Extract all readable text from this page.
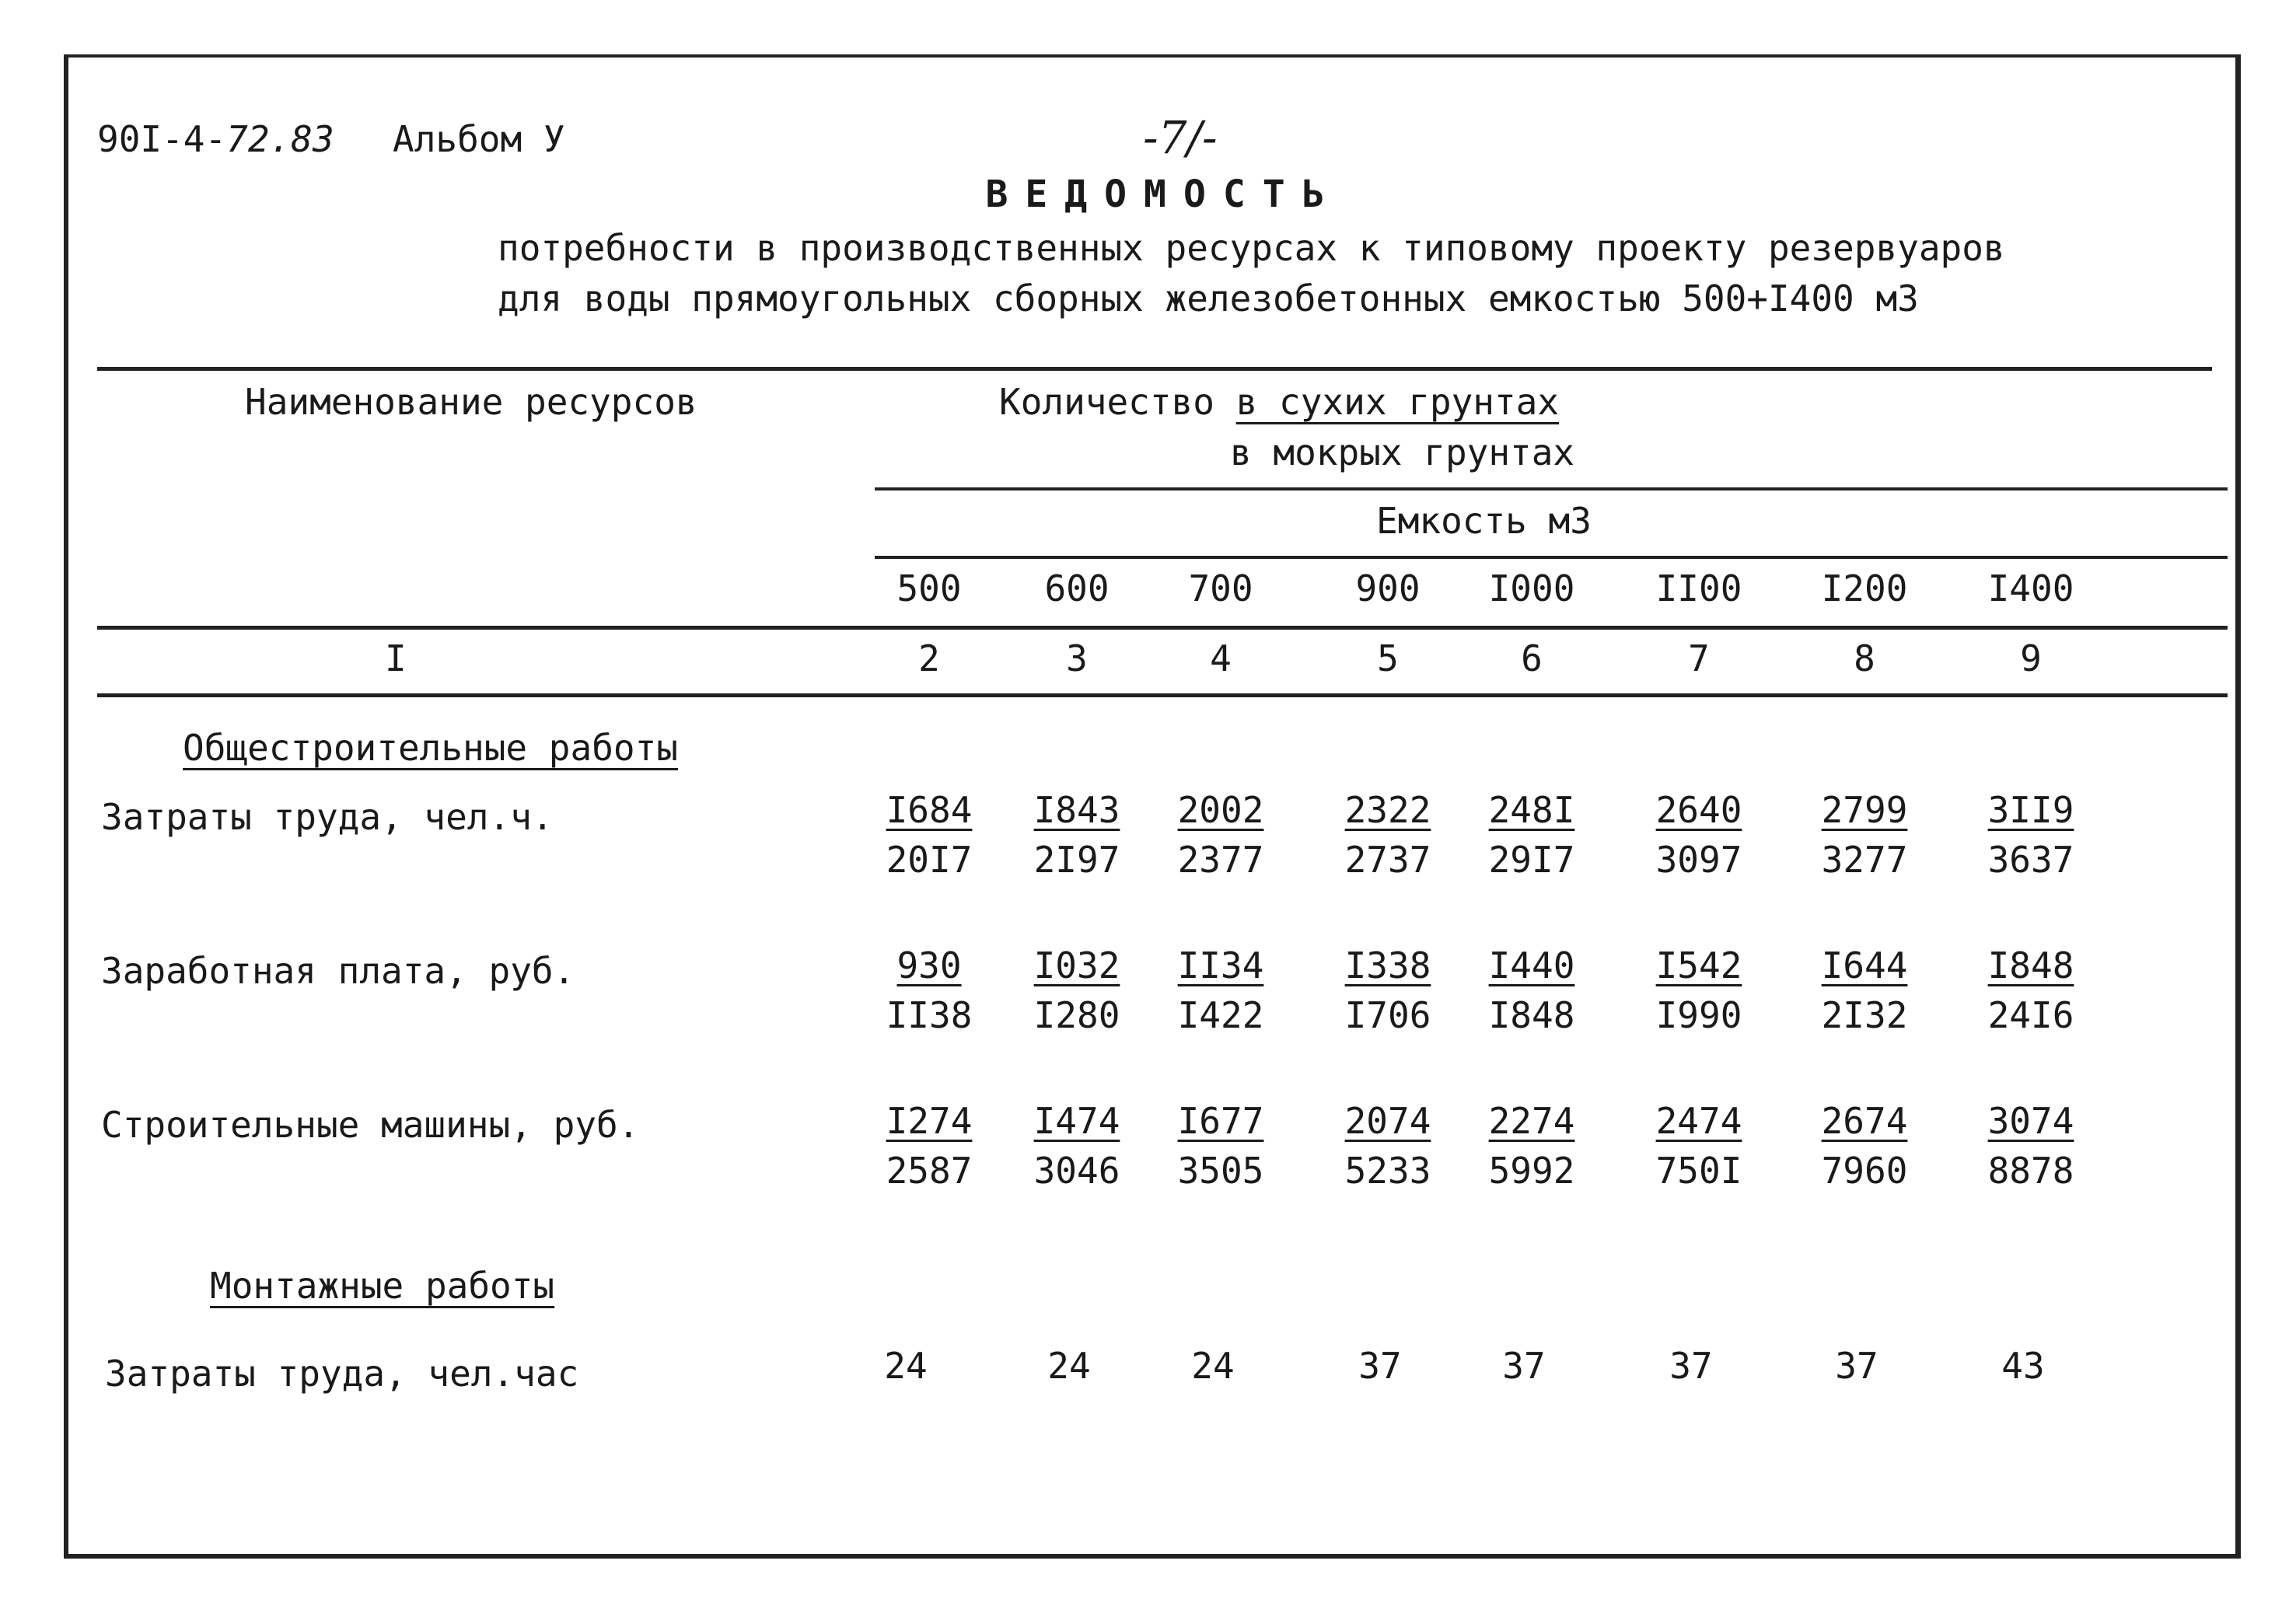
90I-4-72.83 Альбом У	-7/-
ВЕДОМОСТЬ
потребности в производственных ресурсах к типовому проекту резервуаров
для воды прямоугольных сборных железобетонных емкостью 500+I400 м3
Наименование ресурсов	Количество в сухих грунтах
в мокрых грунтах
Емкость м3
500	600	700	900	I000	II00	I200	I400
I	2	3	4	5	6	7	8	9
Общестроительные работы
Затраты труда, чел.ч.	$\frac{I684}{20I7} \frac{I843}{2I97} \frac{2002}{2377} \frac{2322}{2737} \frac{248I}{29I7} \frac{2640}{3097} \frac{2799}{3277} \frac{3II9}{3637}$
Заработная плата, руб.	$\frac{930}{II38} \frac{I032}{I280} \frac{II34}{I422} \frac{I338}{I706} \frac{I440}{I848} \frac{I542}{I990} \frac{I644}{2I32} \frac{I848}{24I6}$
Строительные машины, руб.	$\frac{I274}{2587} \frac{I474}{3046} \frac{I677}{3505} \frac{2074}{5233} \frac{2274}{5992} \frac{2474}{750I} \frac{2674}{7960} \frac{3074}{8878}$
Монтажные работы
Затраты труда, чел.час	24	24	24	37	37	37	37	43
